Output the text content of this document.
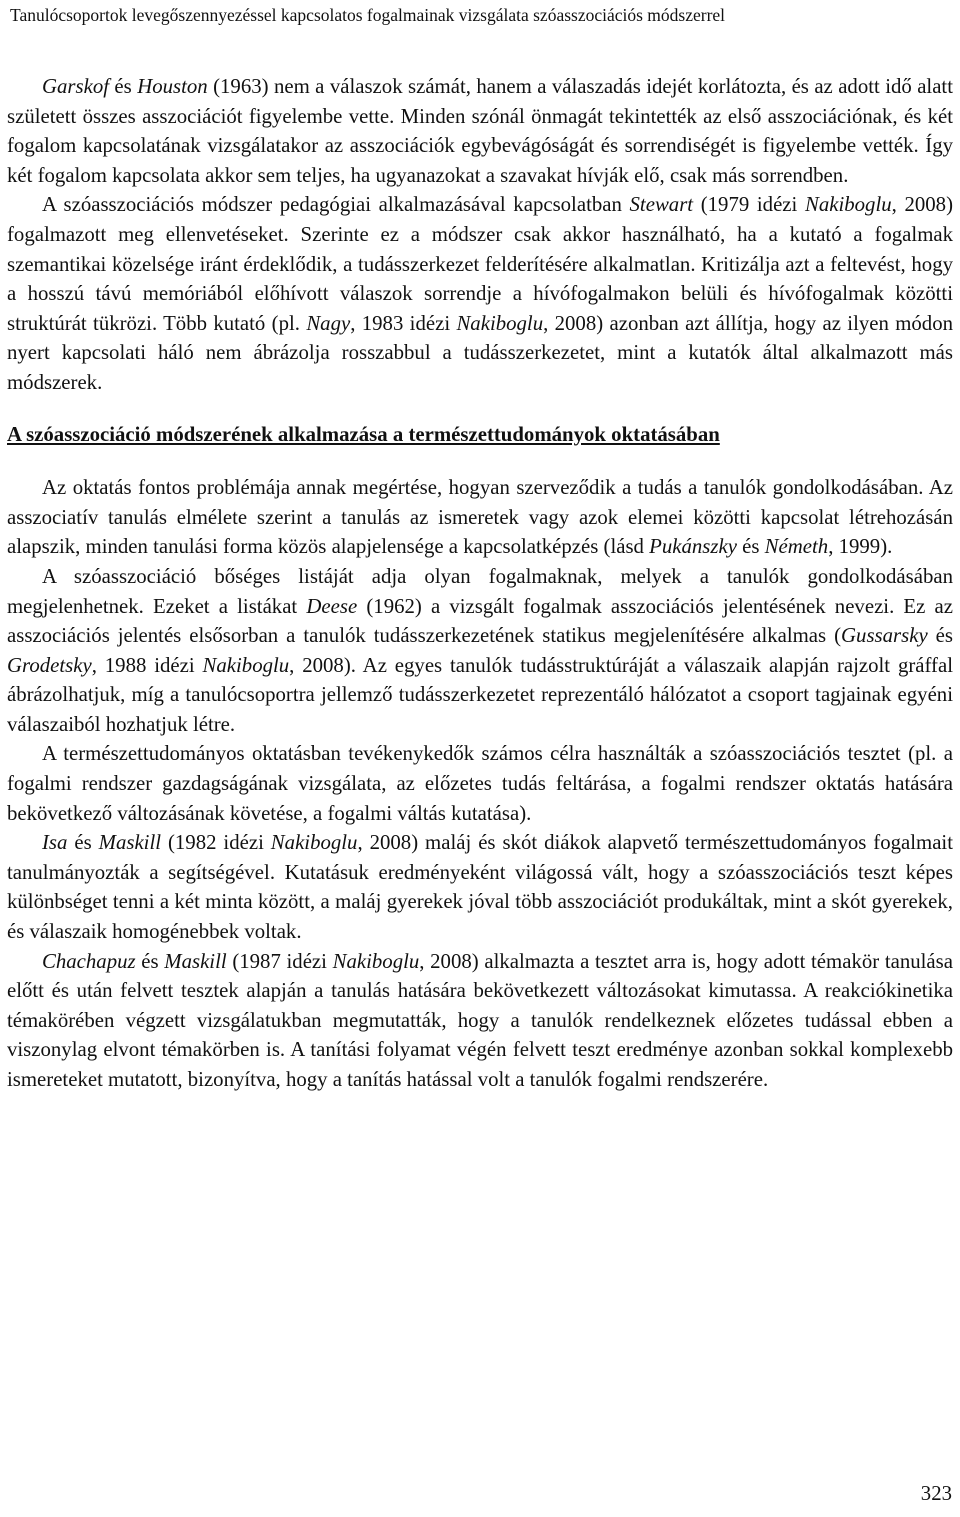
Tanulócsoportok levegőszennyezéssel kapcsolatos fogalmainak vizsgálata szóasszociációs módszerrel

Garskof és Houston (1963) nem a válaszok számát, hanem a válaszadás idejét korlátozta, és az adott idő alatt született összes asszociációt figyelembe vette. Minden szónál önmagát tekintették az első asszociációnak, és két fogalom kapcsolatának vizsgálatakor az asszociációk egybevágóságát és sorrendiségét is figyelembe vették. Így két fogalom kapcsolata akkor sem teljes, ha ugyanazokat a szavakat hívják elő, csak más sorrendben.

A szóasszociációs módszer pedagógiai alkalmazásával kapcsolatban Stewart (1979 idézi Nakiboglu, 2008) fogalmazott meg ellenvetéseket. Szerinte ez a módszer csak akkor használható, ha a kutató a fogalmak szemantikai közelsége iránt érdeklődik, a tudásszerkezet felderítésére alkalmatlan. Kritizálja azt a feltevést, hogy a hosszú távú memóriából előhívott válaszok sorrendje a hívófogalmakon belüli és hívófogalmak közötti struktúrát tükrözi. Több kutató (pl. Nagy, 1983 idézi Nakiboglu, 2008) azonban azt állítja, hogy az ilyen módon nyert kapcsolati háló nem ábrázolja rosszabbul a tudásszerkezetet, mint a kutatók által alkalmazott más módszerek.

A szóasszociáció módszerének alkalmazása a természettudományok oktatásában

Az oktatás fontos problémája annak megértése, hogyan szerveződik a tudás a tanulók gondolkodásában. Az asszociatív tanulás elmélete szerint a tanulás az ismeretek vagy azok elemei közötti kapcsolat létrehozásán alapszik, minden tanulási forma közös alapjelensége a kapcsolatképzés (lásd Pukánszky és Németh, 1999).

A szóasszociáció bőséges listáját adja olyan fogalmaknak, melyek a tanulók gondolkodásában megjelenhetnek. Ezeket a listákat Deese (1962) a vizsgált fogalmak asszociációs jelentésének nevezi. Ez az asszociációs jelentés elsősorban a tanulók tudásszerkezetének statikus megjelenítésére alkalmas (Gussarsky és Grodetsky, 1988 idézi Nakiboglu, 2008). Az egyes tanulók tudásstruktúráját a válaszaik alapján rajzolt gráffal ábrázolhatjuk, míg a tanulócsoportra jellemző tudásszerkezetet reprezentáló hálózatot a csoport tagjainak egyéni válaszaiból hozhatjuk létre.

A természettudományos oktatásban tevékenykedők számos célra használták a szóasszociációs tesztet (pl. a fogalmi rendszer gazdagságának vizsgálata, az előzetes tudás feltárása, a fogalmi rendszer oktatás hatására bekövetkező változásának követése, a fogalmi váltás kutatása).

Isa és Maskill (1982 idézi Nakiboglu, 2008) maláj és skót diákok alapvető természettudományos fogalmait tanulmányozták a segítségével. Kutatásuk eredményeként világossá vált, hogy a szóasszociációs teszt képes különbséget tenni a két minta között, a maláj gyerekek jóval több asszociációt produkáltak, mint a skót gyerekek, és válaszaik homogénebbek voltak.

Chachapuz és Maskill (1987 idézi Nakiboglu, 2008) alkalmazta a tesztet arra is, hogy adott témakör tanulása előtt és után felvett tesztek alapján a tanulás hatására bekövetkezett változásokat kimutassa. A reakciókinetika témakörében végzett vizsgálatukban megmutatták, hogy a tanulók rendelkeznek előzetes tudással ebben a viszonylag elvont témakörben is. A tanítási folyamat végén felvett teszt eredménye azonban sokkal komplexebb ismereteket mutatott, bizonyítva, hogy a tanítás hatással volt a tanulók fogalmi rendszerére.

323
